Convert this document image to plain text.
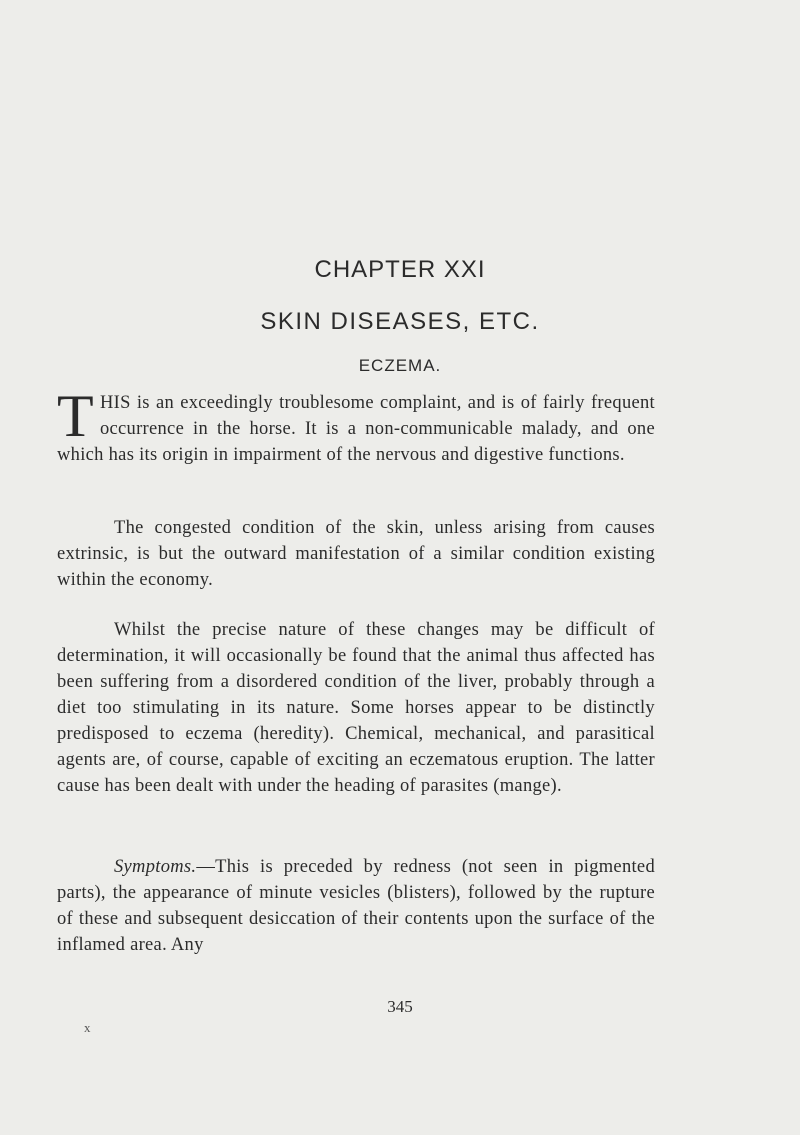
CHAPTER XXI
SKIN DISEASES, ETC.
ECZEMA.
THIS is an exceedingly troublesome complaint, and is of fairly frequent occurrence in the horse. It is a non-communicable malady, and one which has its origin in impairment of the nervous and digestive functions.
The congested condition of the skin, unless arising from causes extrinsic, is but the outward manifestation of a similar condition existing within the economy.
Whilst the precise nature of these changes may be difficult of determination, it will occasionally be found that the animal thus affected has been suffering from a disordered condition of the liver, probably through a diet too stimulating in its nature. Some horses appear to be distinctly predisposed to eczema (heredity). Chemical, mechanical, and parasitical agents are, of course, capable of exciting an eczematous eruption. The latter cause has been dealt with under the heading of parasites (mange).
Symptoms.—This is preceded by redness (not seen in pigmented parts), the appearance of minute vesicles (blisters), followed by the rupture of these and subsequent desiccation of their contents upon the surface of the inflamed area. Any
345
x
